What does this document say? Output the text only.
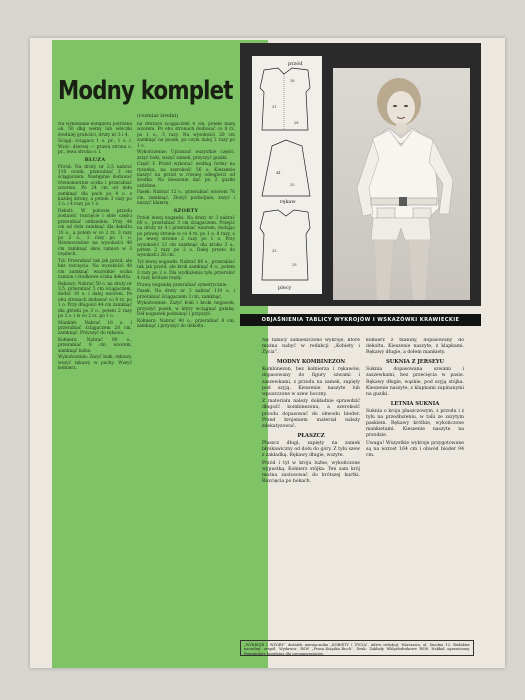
Modny komplet
(rozmiar średni)

Na wykonanie kompletu potrzeba ok. 50 dkg wełny lub włóczki średniej grubości, druty nr 3 i 4.

Ściągi: ściągacz 1 o. pr., 1 o. l. Wzór: dżersej — prawa strona o. pr., lewa strona o. l.

BLUZA

Przód: Na druty nr 3,5 nabrać 110 oczek, przerabiać 3 cm ściągaczem. Następnie dodawać równomiernie oczka i przerabiać wzorem. Po 24 cm od dołu zamknąć dla pach po 4 o. z każdej strony, a potem 3 razy po 2 o. i 4 razy po 1 o.

Dekolt: W połowie przodu zostawić rozcięcie i obie części przerabiać oddzielnie. Przy 44 cm od dołu zamknąć dla dekoltu 10 o., a potem w co 2 rz. 3 razy po 2 o., 2 razy po 1 o. Równocześnie na wysokości 48 cm zamknąć skos ramion w 3 rzędach.

Tył: Przerabiać tak jak przód, ale bez rozcięcia. Na wysokości 48 cm zamknąć wszystkie oczka ramion i środkowe oczka dekoltu.

Rękawy: Nabrać 50 o. na druty nr 3,5, przerabiać 5 cm ściągaczem, dodać 10 o. i dalej wzorem. Po obu stronach dodawać co 8 rz. po 1 o. Przy długości 44 cm zamknąć dla główki po 3 o., potem 2 razy po 2 o. i w co 2 rz. po 1 o.

Mankiet: Nabrać 16 o. i przerabiać ściągaczem 20 cm, zamknąć. Przyszyć do rękawa.

Kołnierz: Nabrać 90 o., przerabiać 8 cm wzorem, zamknąć luźno.

Wykończenie: Zszyć boki, rękawy, wszyć rękawy w pachy. Wszyć kołnierz.

na drutach ściągaczem 4 cm, potem dalej wzorem. Po obu stronach dodawać co 8 rz. po 1 o., 5 razy. Na wysokości 20 cm zamknąć na pasek, po czym dalej 3 razy po 1 o.

Wykończenie: Upraszać wszystkie części, zszyć boki, wszyć zamek, przyszyć guziki.

Część I: Przód wykonać według formy na rysunku, na szerokość 56 o. Kieszenie naszyć na przód w równej odległości od środka. Na kieszenie dać po 2 guziki ozdobne.

Pasek: Nabrać 12 o., przerabiać wzorem 76 cm, zamknąć. Złożyć podwójnie, zszyć i naszyć klamrę.

SZORTY

Przód lewej nogawki: Na druty nr 3 nabrać 60 o., przerabiać 3 cm ściągaczem. Przejść na druty nr 4 i przerabiać wzorem, dodając po prawej stronie w co 4 rz. po 1 o. 8 razy, a po lewej stronie 2 razy po 1 o. Przy wysokości 12 cm zamknąć dla kroku 3 o., potem 2 razy po 2 o. Dalej prosto do wysokości 28 cm.

Tył lewej nogawki: Nabrać 66 o., przerabiać tak jak przód, ale krok zamknąć 4 o., potem 3 razy po 2 o. Dla wydłużenia tyłu przerobić 4 razy krótsze rzędy.

Prawą nogawkę przerabiać symetrycznie.

Pasek: Na druty nr 3 nabrać 110 o. i przerabiać ściągaczem 3 cm, zamknąć.

Wykończenie: Zszyć boki i kroki nogawek, przyszyć pasek, w który wciągnąć gumkę. Dół nogawek podwinąć i przyszyć.

Kołnierz: Nabrać 90 o., przerabiać 8 cm, zamknąć i przyszyć do dekoltu.

przód
16
31
28
44
25
rękaw
33
29
plecy
OBJAŚNIENIA TABLICY WYKROJÓW I WSKAZÓWKI KRAWIECKIE

Na tablicy zamieszczono wykroje, które można nabyć w redakcji „Kobiety i Życia”.

MODNY KOMBINEZON

Kombinezon, bez kołnierza i rękawów, dopasowany do figury szwami i zaszewkami, z przodu na zamek, zapięty pod szyją. Kieszenie naszyte lub wpuszczone w szew boczny.

Z materiału należy dokładnie sprawdzić długość kombinezonu, a szerokość przodu dopasować do obwodu bioder. Przed krojeniem materiał należy zdekatyzować.

PŁASZCZ

Płaszcz długi, zapięty na zamek błyskawiczny od dołu do góry. Z tyłu szew z zakładką. Rękawy długie, wszyte.

Przód i tył w kroju luźne, wykończone wypustką. Kołnierz stójka. Ten sam krój można zastosować do krótszej kurtki. Rozcięcia po bokach.

kołnierz z tkaniny, dopasowany do dekoltu. Kieszenie naszyte, z klapkami. Rękawy długie, a dołem mankiety.

SUKNIA Z JERSEYU

Suknia dopasowana szwami i zaszewkami, bez przecięcia w pasie. Rękawy długie, wąskie, pod szyją stójka. Kieszenie naszyte, z klapkami zapinanymi na guziki.

LETNIA SUKNIA

Suknia o kroju płaszczowym, z przodu i z tyłu na przedłużeniu, w talii ze zszytym paskiem. Rękawy krótkie, wykończone mankietami. Kieszenie naszyte na przodzie.

Uwaga! Wszystkie wykroje przygotowane są na wzrost 164 cm i obwód bioder 94 cm.

„WYKROJE I WZORY” dodatek miesięcznika „KOBIETY I ŻYCIA”. Adres redakcji: Warszawa, ul. Smolna 12. Redaktor naczelny: zespół. Wydawca: RSW „Prasa–Książka–Ruch”. Druk: Zakłady Wklęsłodrukowe RSW. Nakład ograniczony. Egzemplarz bezpłatny dla prenumeratorów.
